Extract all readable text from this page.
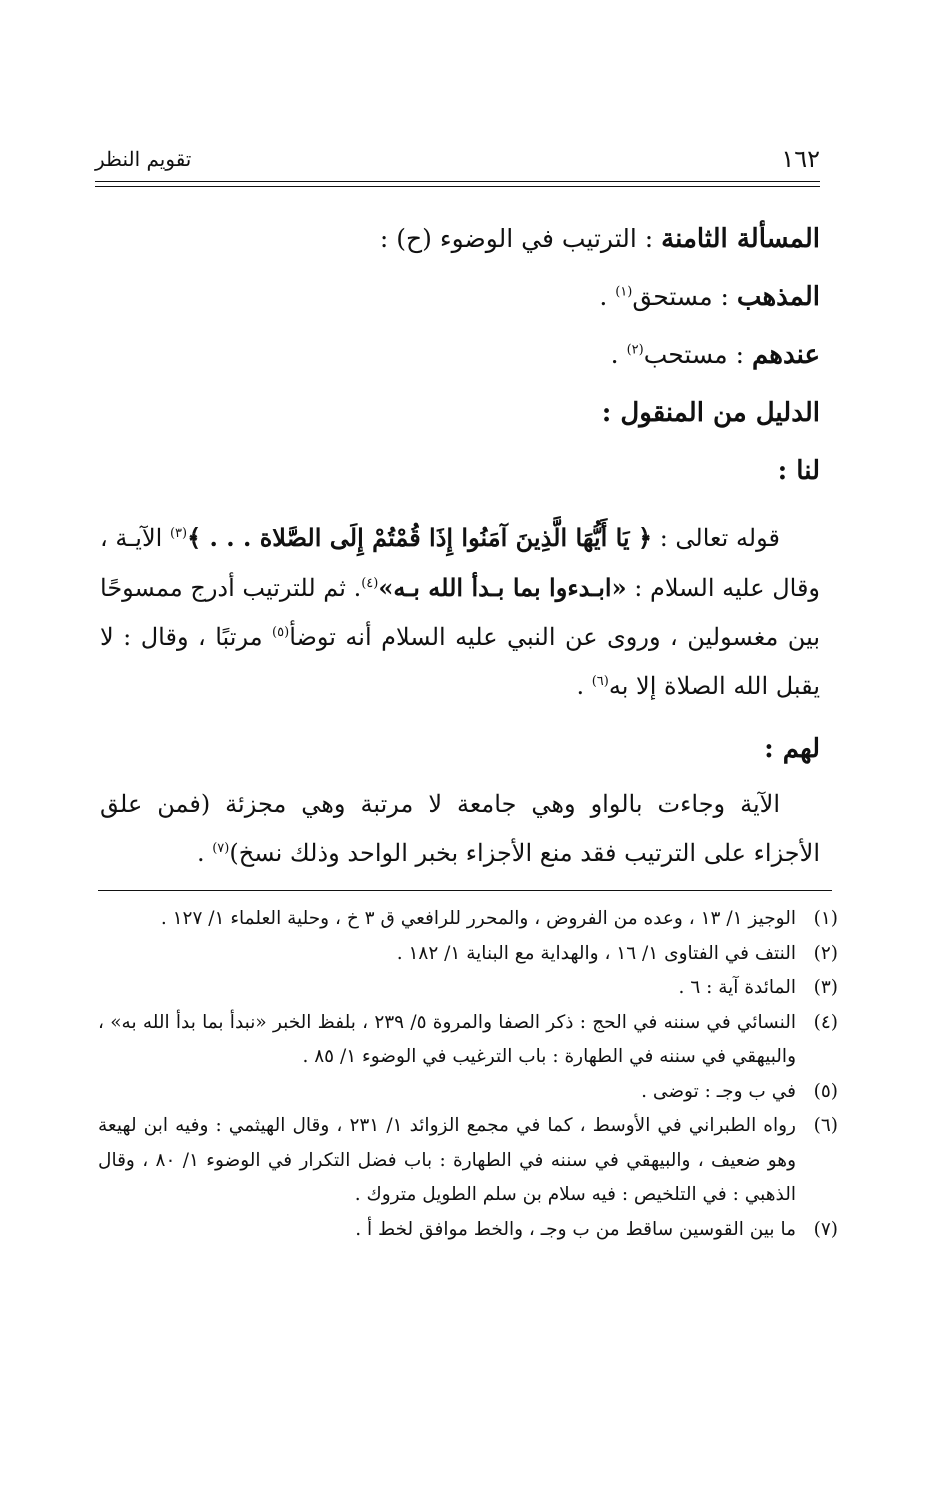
١٦٢
تقويم النظر
المسألة الثامنة : الترتيب في الوضوء (ح) :
المذهب : مستحق$^{(١)}$ .
عندهم : مستحب$^{(٢)}$ .
الدليل من المنقول :
لنا :

قوله تعالى : ﴿ يَا أَيُّهَا الَّذِينَ آمَنُوا إِذَا قُمْتُمْ إِلَى الصَّلاة . . . ﴾$^{(٣)}$ الآيـة ، وقال عليه السلام : «ابـدءوا بما بـدأ الله بـه»$^{(٤)}$. ثم للترتيب أدرج ممسوحًا بين مغسولين ، وروى عن النبي عليه السلام أنه توضأ$^{(٥)}$ مرتبًا ، وقال : لا يقبل الله الصلاة إلا به$^{(٦)}$ .

لهم :

الآية وجاءت بالواو وهي جامعة لا مرتبة وهي مجزئة (فمن علق الأجزاء على الترتيب فقد منع الأجزاء بخبر الواحد وذلك نسخ)$^{(٧)}$ .

(١)
الوجيز ١/ ١٣ ، وعده من الفروض ، والمحرر للرافعي ق ٣ خ ، وحلية العلماء ١/ ١٢٧ .
(٢)
النتف في الفتاوى ١/ ١٦ ، والهداية مع البناية ١/ ١٨٢ .
(٣)
المائدة آية : ٦ .
(٤)
النسائي في سننه في الحج : ذكر الصفا والمروة ٥/ ٢٣٩ ، بلفظ الخبر «نبدأ بما بدأ الله به» ، والبيهقي في سننه في الطهارة : باب الترغيب في الوضوء ١/ ٨٥ .
(٥)
في ب وجـ : توضى .
(٦)
رواه الطبراني في الأوسط ، كما في مجمع الزوائد ١/ ٢٣١ ، وقال الهيثمي : وفيه ابن لهيعة وهو ضعيف ، والبيهقي في سننه في الطهارة : باب فضل التكرار في الوضوء ١/ ٨٠ ، وقال الذهبي : في التلخيص : فيه سلام بن سلم الطويل متروك .
(٧)
ما بين القوسين ساقط من ب وجـ ، والخط موافق لخط أ .
